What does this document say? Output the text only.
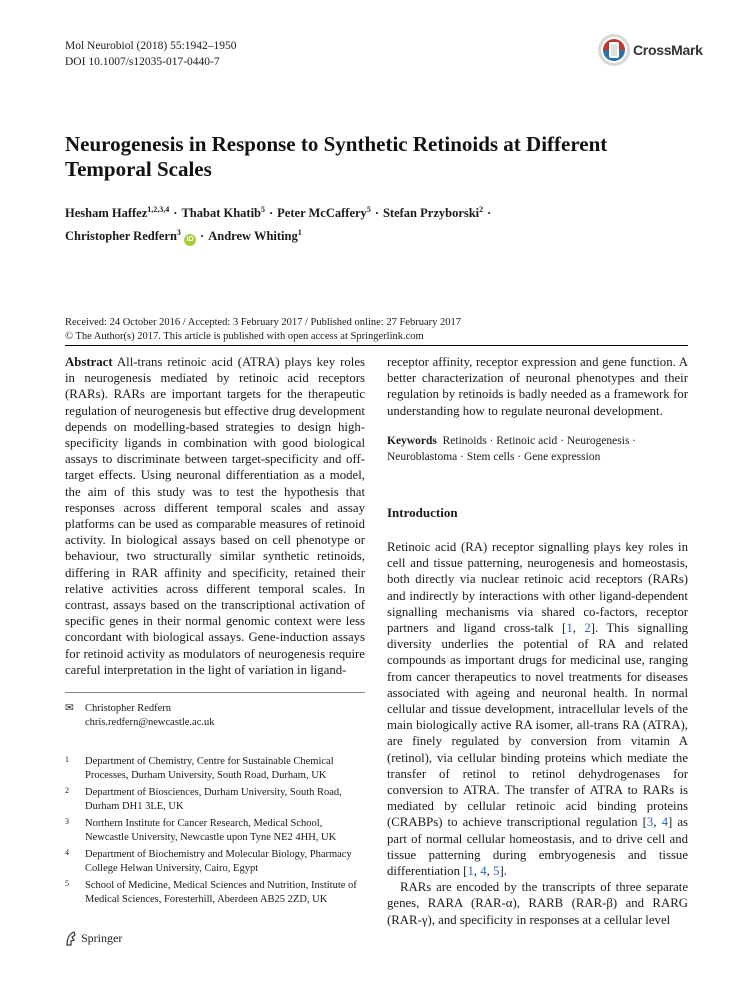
Mol Neurobiol (2018) 55:1942–1950
DOI 10.1007/s12035-017-0440-7
CrossMark
Neurogenesis in Response to Synthetic Retinoids at Different Temporal Scales
Hesham Haffez$^{1,2,3,4}$ · Thabat Khatib$^5$ · Peter McCaffery$^5$ · Stefan Przyborski$^2$ ·
Christopher Redfern$^3$ iD · Andrew Whiting$^1$
Received: 24 October 2016 / Accepted: 3 February 2017 / Published online: 27 February 2017
© The Author(s) 2017. This article is published with open access at Springerlink.com

Abstract All-trans retinoic acid (ATRA) plays key roles in neurogenesis mediated by retinoic acid receptors (RARs). RARs are important targets for the therapeutic regulation of neurogenesis but effective drug development depends on modelling-based strategies to design high-specificity ligands in combination with good biological assays to discriminate between target-specificity and off-target effects. Using neuronal differentiation as a model, the aim of this study was to test the hypothesis that responses across different temporal scales and assay platforms can be used as comparable measures of retinoid activity. In biological assays based on cell phenotype or behaviour, two structurally similar synthetic retinoids, differing in RAR affinity and specificity, retained their relative activities across different temporal scales. In contrast, assays based on the transcriptional activation of specific genes in their normal genomic context were less concordant with biological assays. Gene-induction assays for retinoid activity as modulators of neurogenesis require careful interpretation in the light of variation in ligand-

✉ Christopher Redfern
chris.redfern@newcastle.ac.uk
1 Department of Chemistry, Centre for Sustainable Chemical Processes, Durham University, South Road, Durham, UK
2 Department of Biosciences, Durham University, South Road, Durham DH1 3LE, UK
3 Northern Institute for Cancer Research, Medical School, Newcastle University, Newcastle upon Tyne NE2 4HH, UK
4 Department of Biochemistry and Molecular Biology, Pharmacy College Helwan University, Cairo, Egypt
5 School of Medicine, Medical Sciences and Nutrition, Institute of Medical Sciences, Foresterhill, Aberdeen AB25 2ZD, UK

receptor affinity, receptor expression and gene function. A better characterization of neuronal phenotypes and their regulation by retinoids is badly needed as a framework for understanding how to regulate neuronal development.

Keywords Retinoids · Retinoic acid · Neurogenesis · Neuroblastoma · Stem cells · Gene expression
Introduction

Retinoic acid (RA) receptor signalling plays key roles in cell and tissue patterning, neurogenesis and homeostasis, both directly via nuclear retinoic acid receptors (RARs) and indirectly by interactions with other ligand-dependent signalling mechanisms via shared co-factors, receptor partners and ligand cross-talk [1, 2]. This signalling diversity underlies the potential of RA and related compounds as important drugs for medicinal use, ranging from cancer therapeutics to novel treatments for diseases associated with ageing and neuronal health. In normal cellular and tissue development, intracellular levels of the main biologically active RA isomer, all-trans RA (ATRA), are finely regulated by conversion from vitamin A (retinol), via cellular binding proteins which mediate the transfer of retinol to retinol dehydrogenases for conversion to ATRA. The transfer of ATRA to RARs is mediated by cellular retinoic acid binding proteins (CRABPs) to achieve transcriptional regulation [3, 4] as part of normal cellular homeostasis, and to drive cell and tissue patterning during embryogenesis and tissue differentiation [1, 4, 5].

RARs are encoded by the transcripts of three separate genes, RARA (RAR-α), RARB (RAR-β) and RARG (RAR-γ), and specificity in responses at a cellular level

Springer
